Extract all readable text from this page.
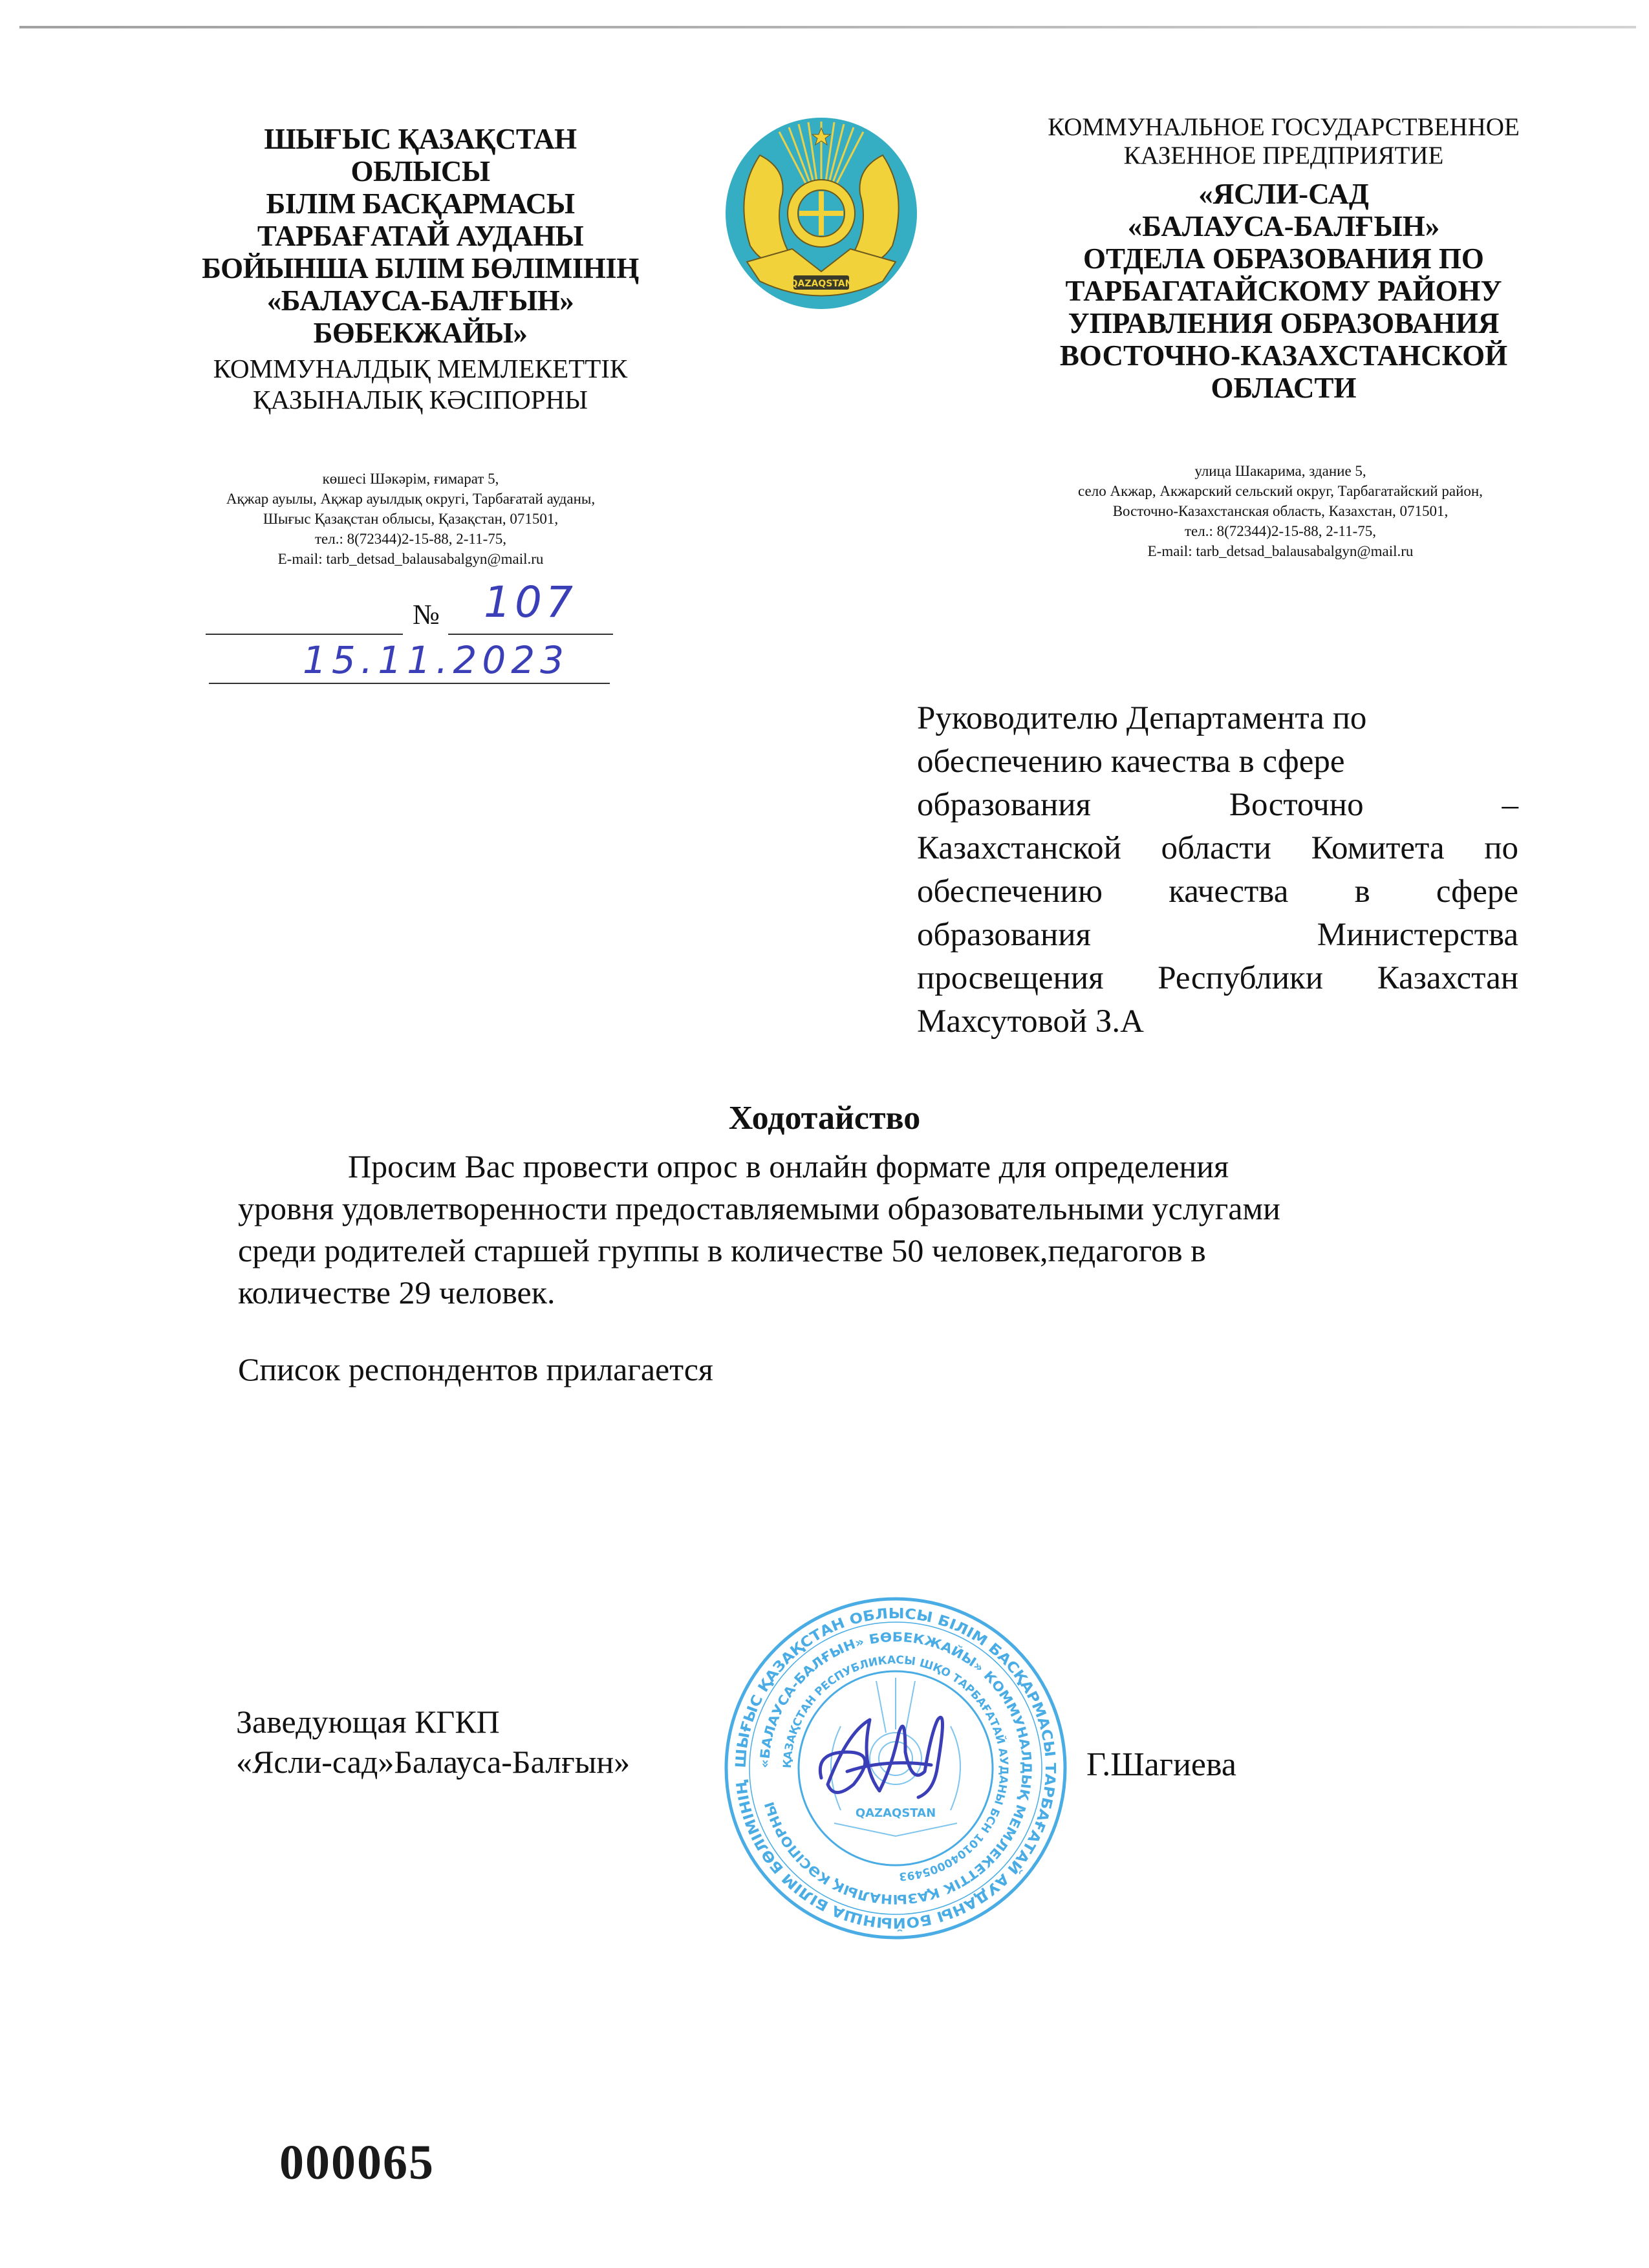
ШЫҒЫС ҚАЗАҚСТАН
ОБЛЫСЫ
БІЛІМ БАСҚАРМАСЫ
ТАРБАҒАТАЙ АУДАНЫ
БОЙЫНША БІЛІМ БӨЛІМІНІҢ
«БАЛАУСА-БАЛҒЫН»
БӨБЕКЖАЙЫ»
КОММУНАЛДЫҚ МЕМЛЕКЕТТІК
ҚАЗЫНАЛЫҚ КӘСІПОРНЫ
QAZAQSTAN
КОММУНАЛЬНОЕ ГОСУДАРСТВЕННОЕ
КАЗЕННОЕ ПРЕДПРИЯТИЕ
«ЯСЛИ-САД
«БАЛАУСА-БАЛҒЫН»
ОТДЕЛА ОБРАЗОВАНИЯ ПО
ТАРБАГАТАЙСКОМУ РАЙОНУ
УПРАВЛЕНИЯ ОБРАЗОВАНИЯ
ВОСТОЧНО-КАЗАХСТАНСКОЙ
ОБЛАСТИ
көшесі Шәкәрім, ғимарат 5,
Ақжар ауылы, Ақжар ауылдық округі, Тарбағатай ауданы,
Шығыс Қазақстан облысы, Қазақстан, 071501,
тел.: 8(72344)2-15-88, 2-11-75,
E-mail: tarb_detsad_balausabalgyn@mail.ru
улица Шакарима, здание 5,
село Акжар, Акжарский сельский округ, Тарбагатайский район,
Восточно-Казахстанская область, Казахстан, 071501,
тел.: 8(72344)2-15-88, 2-11-75,
E-mail: tarb_detsad_balausabalgyn@mail.ru
№ 107
15.11.2023
Руководителю Департамента по
обеспечению качества в сфере
образования Восточно –
Казахстанской области Комитета по
обеспечению качества в сфере
образования Министерства
просвещения Республики Казахстан
Махсутовой З.А
Ходотайство
Просим Вас провести опрос в онлайн формате для определения
уровня удовлетворенности предоставляемыми образовательными услугами
среди родителей старшей группы в количестве 50 человек,педагогов в
количестве 29 человек.
Список респондентов прилагается
ШЫҒЫС ҚАЗАҚСТАН ОБЛЫСЫ БІЛІМ БАСҚАРМАСЫ ТАРБАҒАТАЙ АУДАНЫ БОЙЫНША БІЛІМ БӨЛІМІНІҢ
«БАЛАУСА-БАЛҒЫН» БӨБЕКЖАЙЫ» КОММУНАЛДЫҚ МЕМЛЕКЕТТІК ҚАЗЫНАЛЫҚ КӘСІПОРНЫ
ҚАЗАҚСТАН РЕСПУБЛИКАСЫ ШҚО ТАРБАҒАТАЙ АУДАНЫ БСН 101040005493
QAZAQSTAN
Заведующая КГКП
«Ясли-сад»Балауса-Балғын»	Г.Шагиева
000065
